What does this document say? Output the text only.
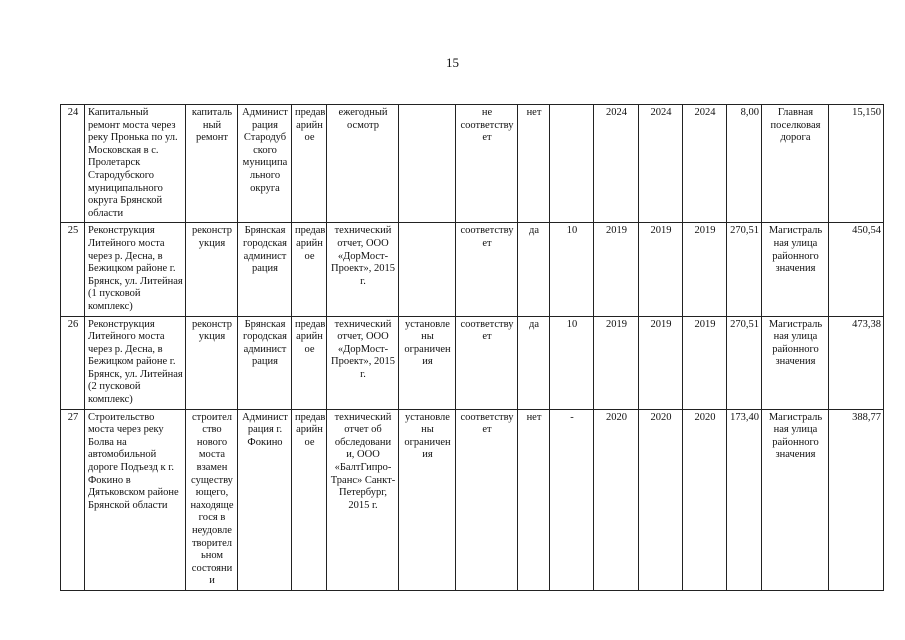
15
24	Капитальный ремонт моста через реку Пронька по ул. Московская в с. Пролетарск Стародубского муниципального округа Брянской области	капиталь ный ремонт	Админист рация Стародуб ского муниципа льного округа	предав арийн ое	ежегодный осмотр		не соответству ет	нет		2024	2024	2024	8,00	Главная поселковая дорога	15,150
25	Реконструкция Литейного моста через р. Десна, в Бежицком районе г. Брянск, ул. Литейная (1 пусковой комплекс)	реконстр укция	Брянская городская админист рация	предав арийн ое	технический отчет, ООО «ДорМост-Проект», 2015 г.		соответству ет	да	10	2019	2019	2019	270,51	Магистраль ная улица районного значения	450,54
26	Реконструкция Литейного моста через р. Десна, в Бежицком районе г. Брянск, ул. Литейная (2 пусковой комплекс)	реконстр укция	Брянская городская админист рация	предав арийн ое	технический отчет, ООО «ДорМост-Проект», 2015 г.	установле ны ограничен ия	соответству ет	да	10	2019	2019	2019	270,51	Магистраль ная улица районного значения	473,38
27	Строительство моста через реку Болва на автомобильной дороге Подъезд к г. Фокино в Дятьковском районе Брянской области	строител ство нового моста взамен существу ющего, находяще гося в неудовле творител ьном состояни и	Админист рация г. Фокино	предав арийн ое	технический отчет об обследовани и, ООО «БалтГипро-Транс» Санкт-Петербург, 2015 г.	установле ны ограничен ия	соответству ет	нет	-	2020	2020	2020	173,40	Магистраль ная улица районного значения	388,77
